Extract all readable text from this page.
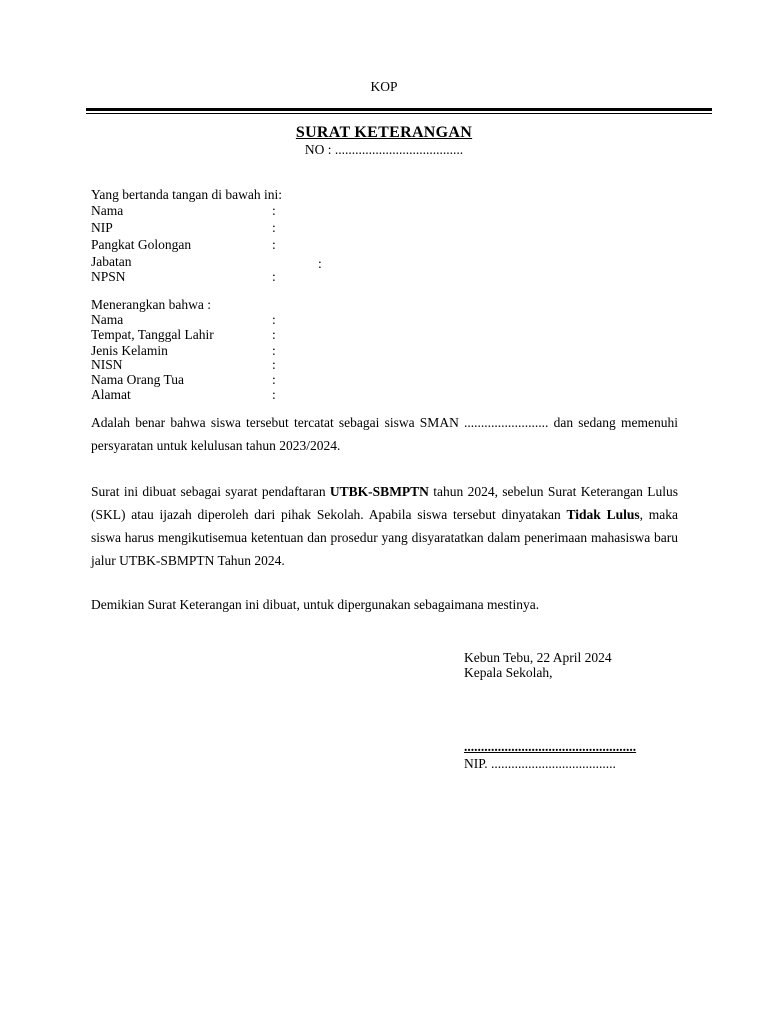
KOP
SURAT KETERANGAN
NO : ......................................
Yang bertanda tangan di bawah ini:
Nama	:
NIP	:
Pangkat Golongan	:
Jabatan	:
NPSN	:
Menerangkan bahwa :
Nama	:
Tempat, Tanggal Lahir	:
Jenis Kelamin	:
NISN	:
Nama Orang Tua	:
Alamat	:
Adalah benar bahwa siswa tersebut tercatat sebagai siswa SMAN ......................... dan sedang memenuhi persyaratan untuk kelulusan tahun 2023/2024.
Surat ini dibuat sebagai syarat pendaftaran UTBK-SBMPTN tahun 2024, sebelun Surat Keterangan Lulus (SKL) atau ijazah diperoleh dari pihak Sekolah. Apabila siswa tersebut dinyatakan Tidak Lulus, maka siswa harus mengikutisemua ketentuan dan prosedur yang disyaratatkan dalam penerimaan mahasiswa baru jalur UTBK-SBMPTN Tahun 2024.
Demikian Surat Keterangan ini dibuat, untuk dipergunakan sebagaimana mestinya.
Kebun Tebu, 22 April 2024
Kepala Sekolah,
...................................................
NIP. .....................................
